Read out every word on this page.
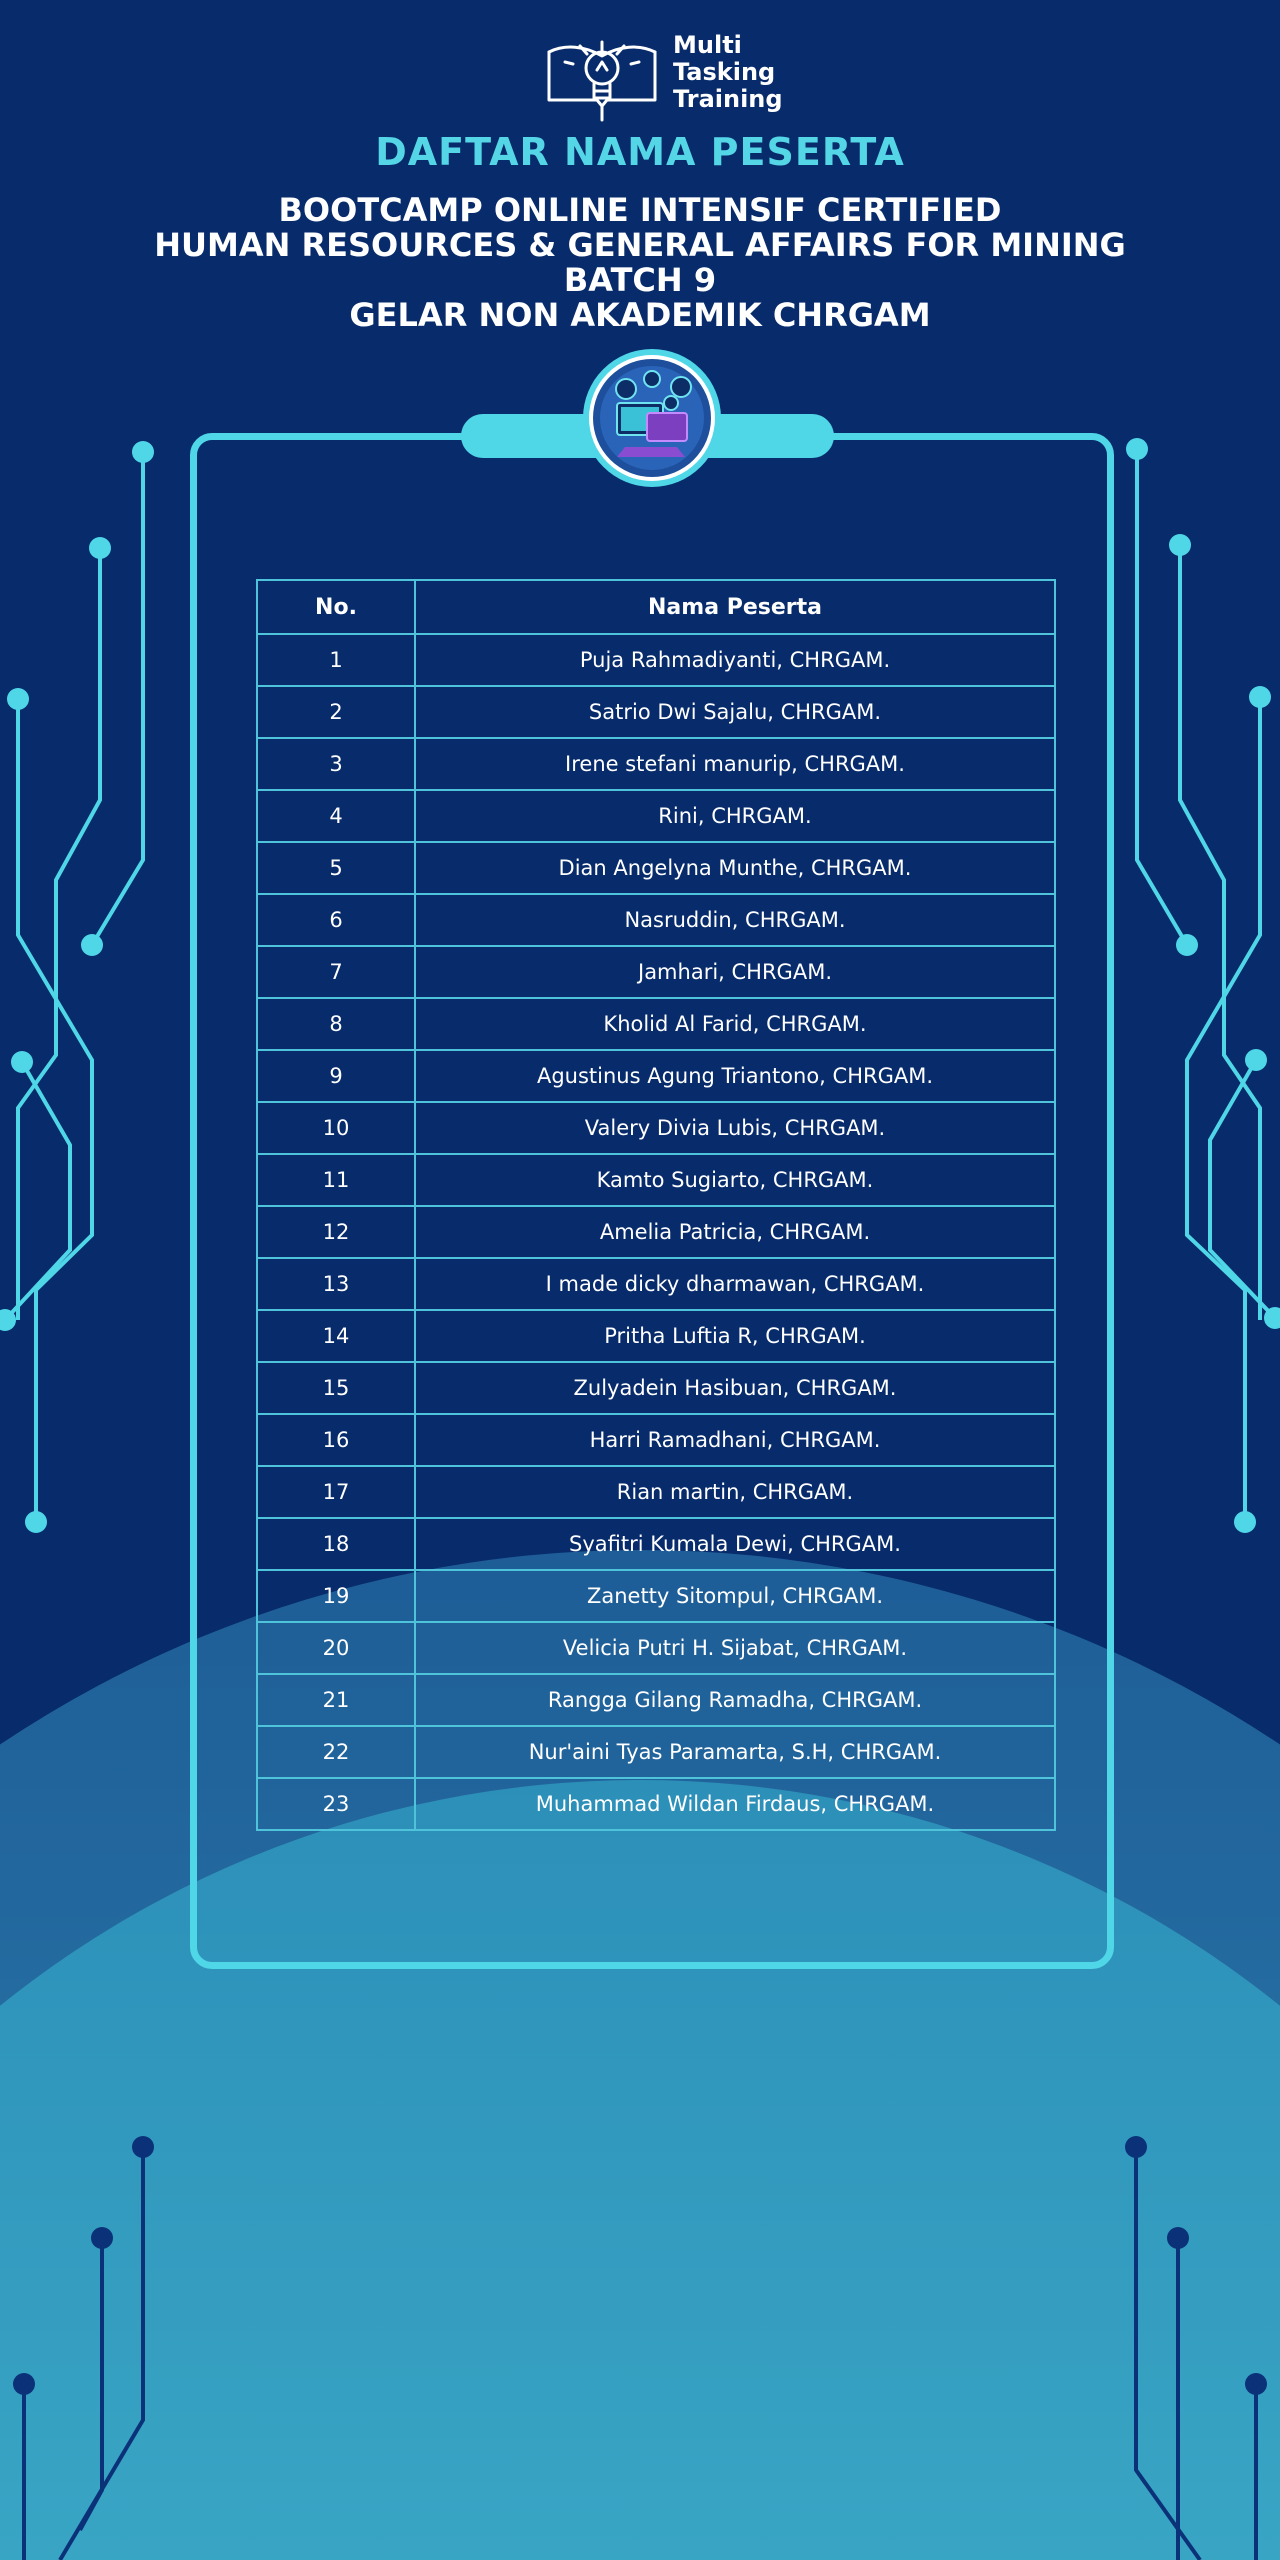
Multi
Tasking
Training
DAFTAR NAMA PESERTA
BOOTCAMP ONLINE INTENSIF CERTIFIED
HUMAN RESOURCES & GENERAL AFFAIRS FOR MINING
BATCH 9
GELAR NON AKADEMIK CHRGAM
No.	Nama Peserta
1	Puja Rahmadiyanti, CHRGAM.
2	Satrio Dwi Sajalu, CHRGAM.
3	Irene stefani manurip, CHRGAM.
4	Rini, CHRGAM.
5	Dian Angelyna Munthe, CHRGAM.
6	Nasruddin, CHRGAM.
7	Jamhari, CHRGAM.
8	Kholid Al Farid, CHRGAM.
9	Agustinus Agung Triantono, CHRGAM.
10	Valery Divia Lubis, CHRGAM.
11	Kamto Sugiarto, CHRGAM.
12	Amelia Patricia, CHRGAM.
13	I made dicky dharmawan, CHRGAM.
14	Pritha Luftia R, CHRGAM.
15	Zulyadein Hasibuan, CHRGAM.
16	Harri Ramadhani, CHRGAM.
17	Rian martin, CHRGAM.
18	Syafitri Kumala Dewi, CHRGAM.
19	Zanetty Sitompul, CHRGAM.
20	Velicia Putri H. Sijabat, CHRGAM.
21	Rangga Gilang Ramadha, CHRGAM.
22	Nur'aini Tyas Paramarta, S.H, CHRGAM.
23	Muhammad Wildan Firdaus, CHRGAM.
